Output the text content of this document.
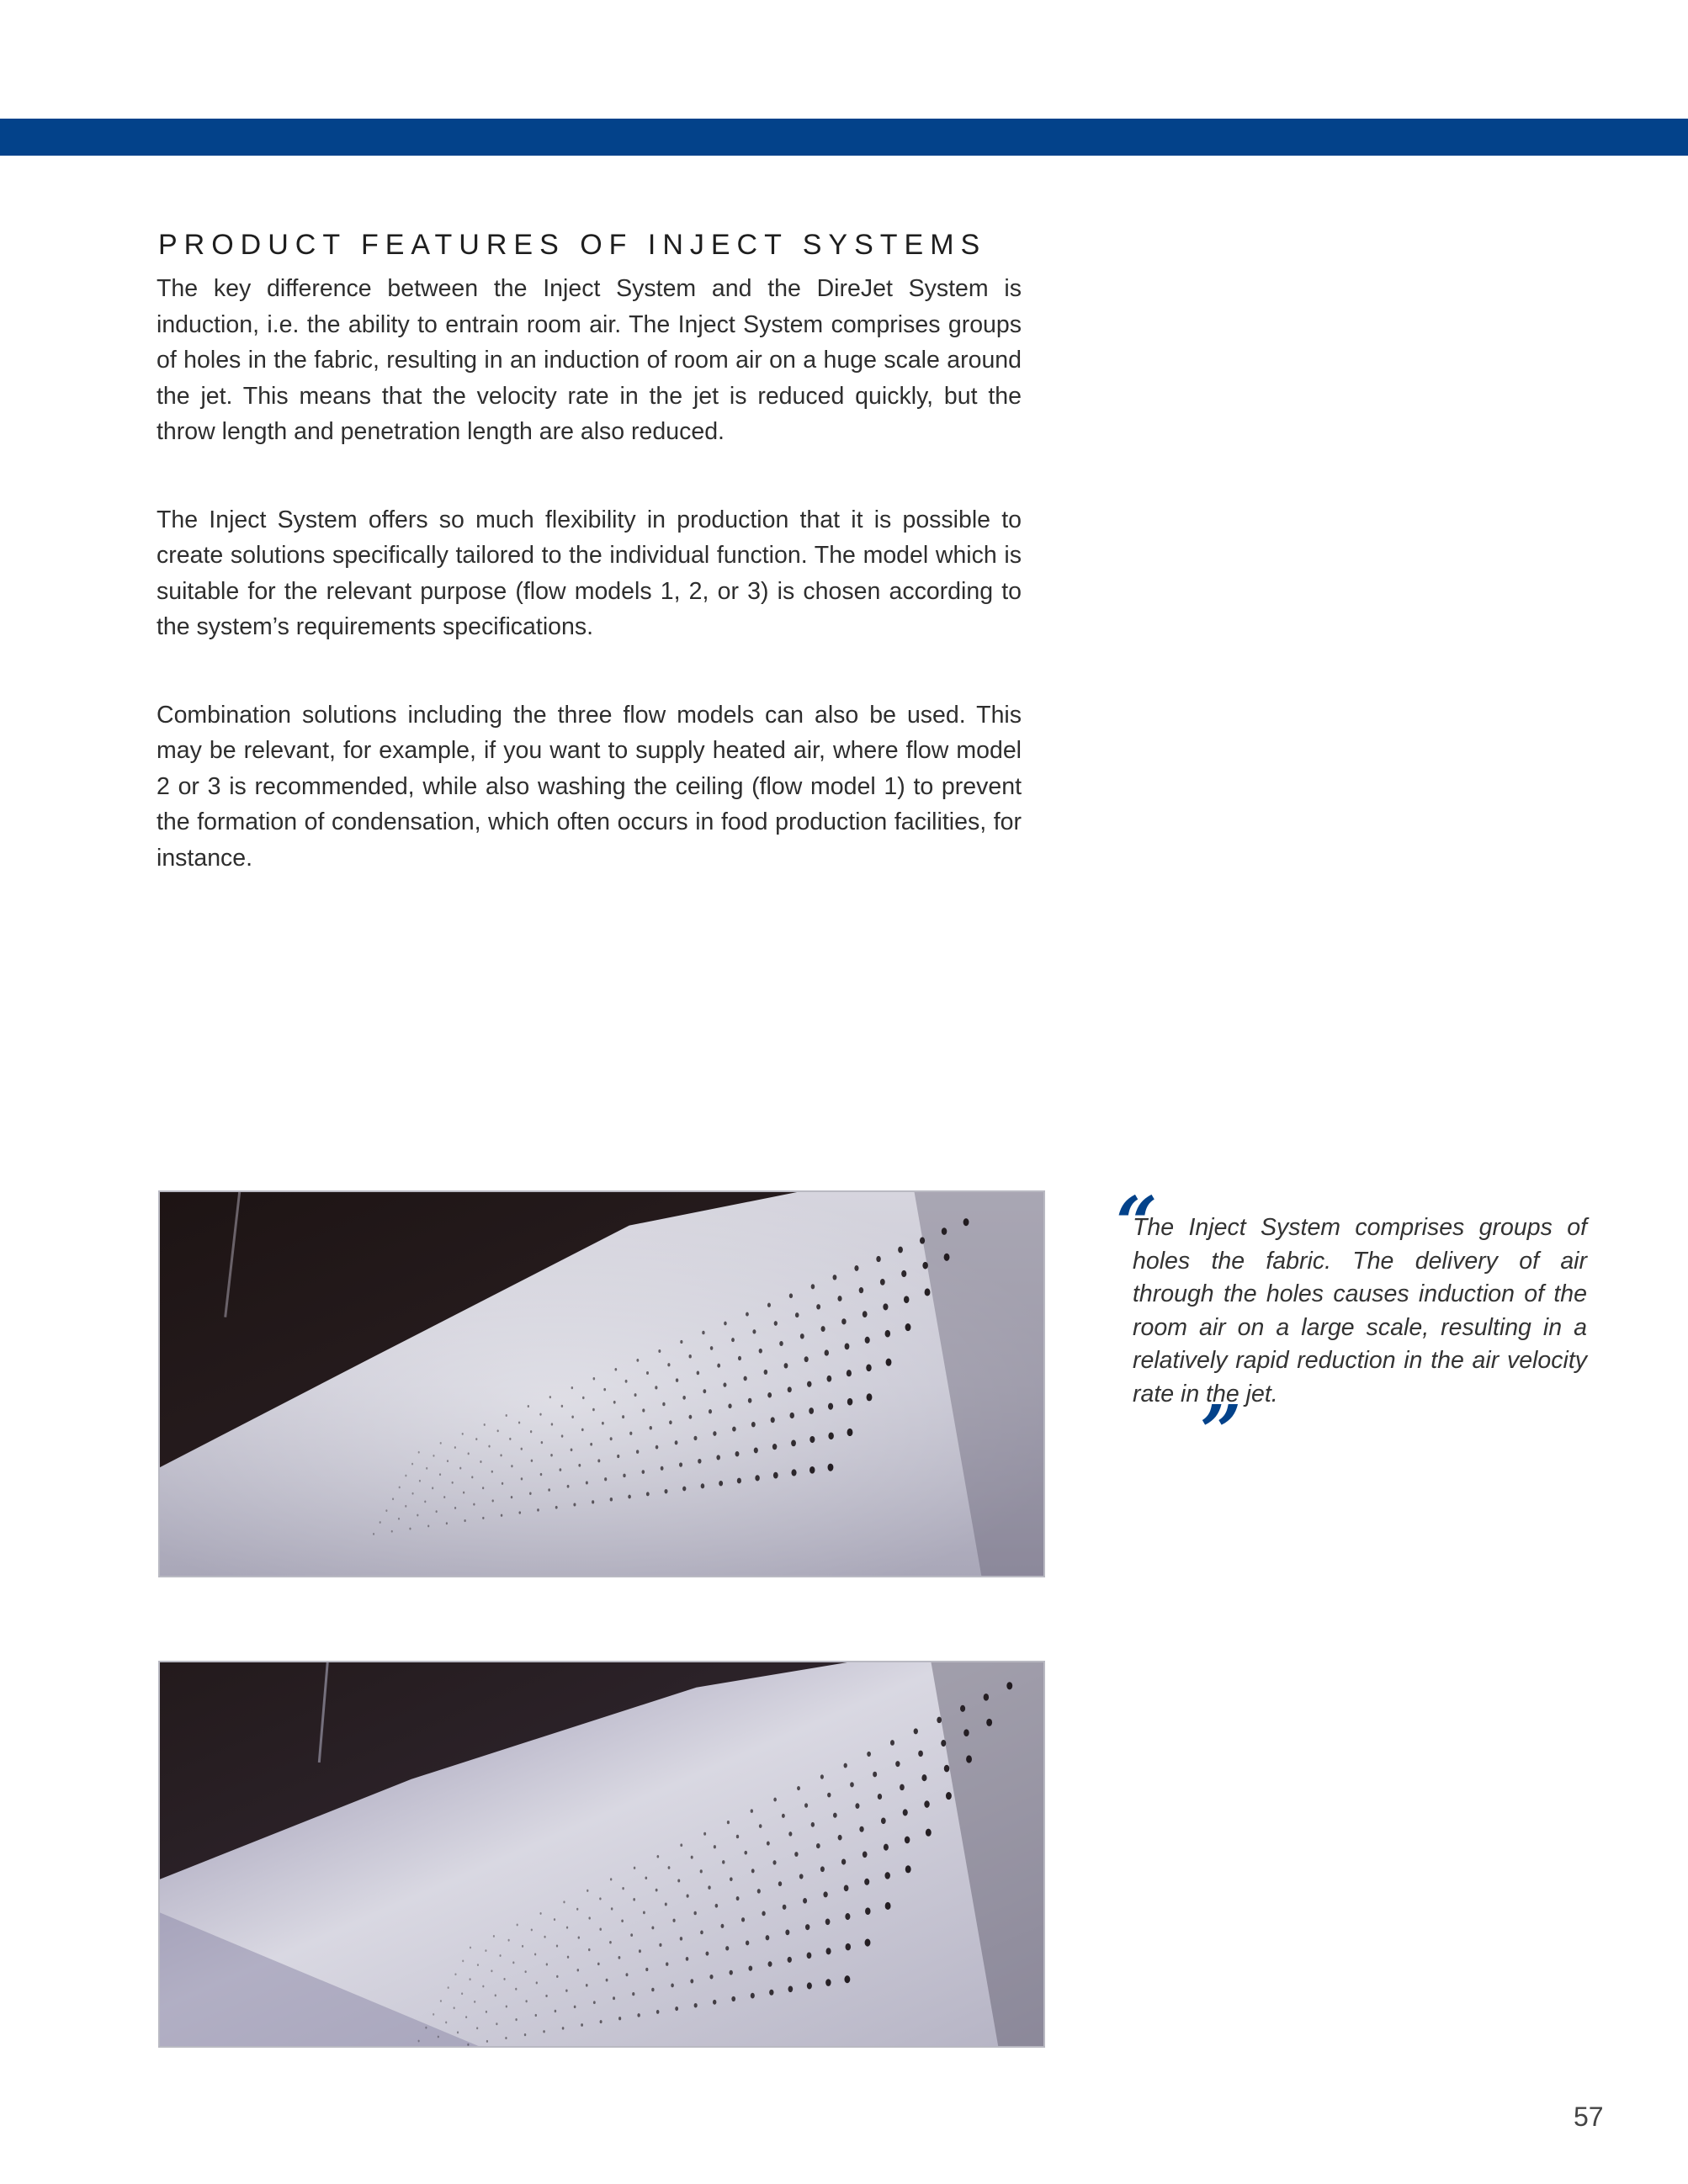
PRODUCT FEATURES OF INJECT SYSTEMS

The key difference between the Inject System and the DireJet System is induction, i.e. the ability to entrain room air. The Inject System comprises groups of holes in the fabric, resulting in an induction of room air on a huge scale around the jet. This means that the velocity rate in the jet is reduced quickly, but the throw length and penetration length are also reduced.

The Inject System offers so much flexibility in production that it is possible to create solutions specifically tailored to the individual function. The model which is suitable for the relevant purpose (flow models 1, 2, or 3) is chosen according to the system’s requirements specifications.

Combination solutions including the three flow models can also be used. This may be relevant, for example, if you want to supply heated air, where flow model 2 or 3 is recommended, while also washing the ceiling (flow model 1) to prevent the formation of condensation, which often occurs in food production facilities, for instance.

“

The Inject System comprises groups of holes the fabric. The delivery of air through the holes causes induction of the room air on a large scale, resulting in a relatively rapid reduction in the air velocity rate in the jet.

”
57
